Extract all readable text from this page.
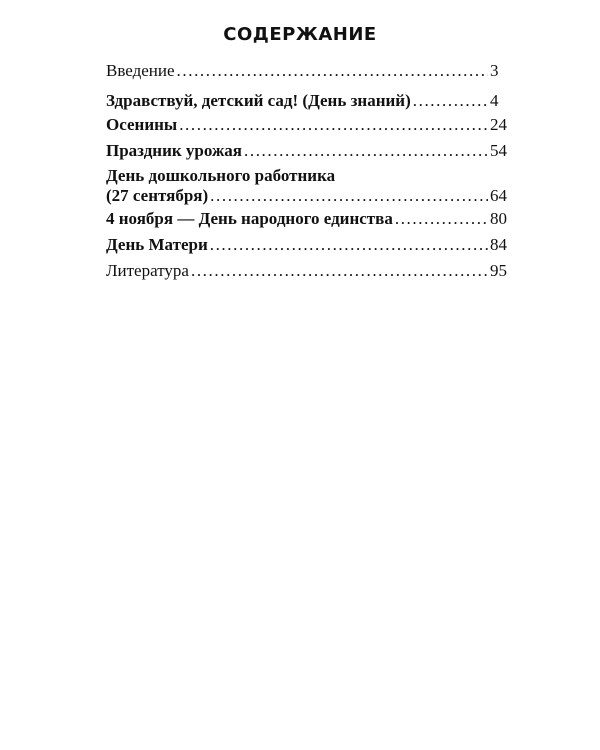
СОДЕРЖАНИЕ
Введение .....	3
Здравствуй, детский сад! (День знаний) .....	4
Осенины .....	24
Праздник урожая .....	54
День дошкольного работника
(27 сентября) .....	64
4 ноября — День народного единства .....	80
День Матери .....	84
Литература .....	95
